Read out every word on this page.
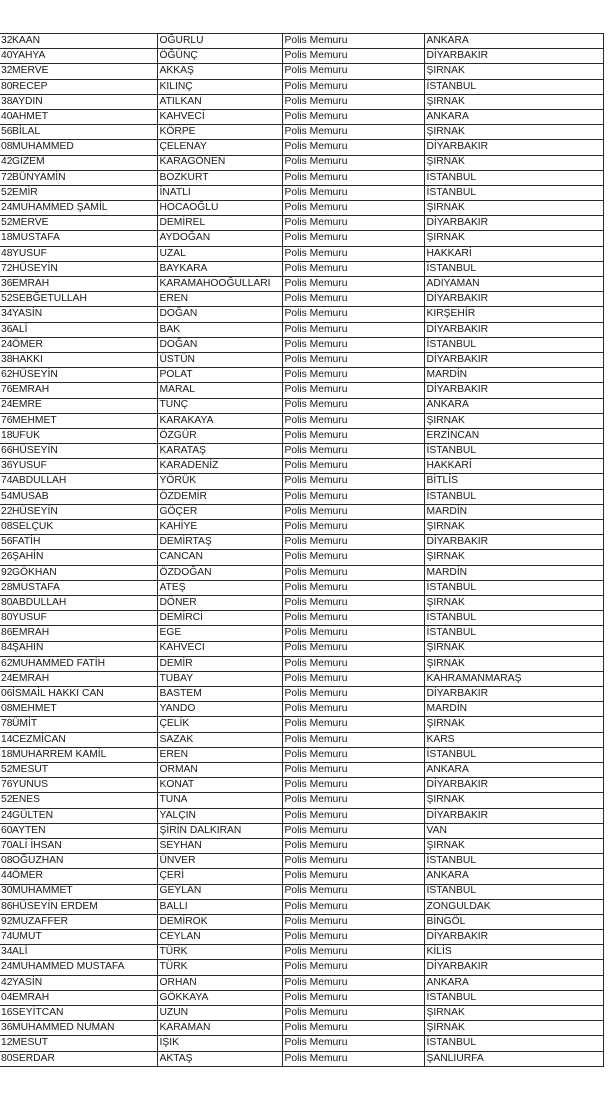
32KAAN	OĞURLU	Polis Memuru	ANKARA
40YAHYA	ÖĞÜNÇ	Polis Memuru	DİYARBAKIR
32MERVE	AKKAŞ	Polis Memuru	ŞIRNAK
80RECEP	KILINÇ	Polis Memuru	İSTANBUL
38AYDIN	ATILKAN	Polis Memuru	ŞIRNAK
40AHMET	KAHVECİ	Polis Memuru	ANKARA
56BİLAL	KÖRPE	Polis Memuru	ŞIRNAK
08MUHAMMED	ÇELENAY	Polis Memuru	DİYARBAKIR
42GİZEM	KARAGÖNEN	Polis Memuru	ŞIRNAK
72BÜNYAMİN	BOZKURT	Polis Memuru	İSTANBUL
52EMİR	İNATLI	Polis Memuru	İSTANBUL
24MUHAMMED ŞAMİL	HOCAOĞLU	Polis Memuru	ŞIRNAK
52MERVE	DEMİREL	Polis Memuru	DİYARBAKIR
18MUSTAFA	AYDOĞAN	Polis Memuru	ŞIRNAK
48YUSUF	UZAL	Polis Memuru	HAKKARİ
72HÜSEYİN	BAYKARA	Polis Memuru	İSTANBUL
36EMRAH	KARAMAHOOĞULLARI	Polis Memuru	ADIYAMAN
52SEBĞETULLAH	EREN	Polis Memuru	DİYARBAKIR
34YASİN	DOĞAN	Polis Memuru	KIRŞEHİR
36ALİ	BAK	Polis Memuru	DİYARBAKIR
24ÖMER	DOĞAN	Polis Memuru	İSTANBUL
38HAKKI	ÜSTÜN	Polis Memuru	DİYARBAKIR
62HÜSEYİN	POLAT	Polis Memuru	MARDİN
76EMRAH	MARAL	Polis Memuru	DİYARBAKIR
24EMRE	TUNÇ	Polis Memuru	ANKARA
76MEHMET	KARAKAYA	Polis Memuru	ŞIRNAK
18UFUK	ÖZGÜR	Polis Memuru	ERZİNCAN
66HÜSEYİN	KARATAŞ	Polis Memuru	İSTANBUL
36YUSUF	KARADENİZ	Polis Memuru	HAKKARİ
74ABDULLAH	YÖRÜK	Polis Memuru	BİTLİS
54MUSAB	ÖZDEMİR	Polis Memuru	İSTANBUL
22HÜSEYİN	GÖÇER	Polis Memuru	MARDİN
08SELÇUK	KAHİYE	Polis Memuru	ŞIRNAK
56FATİH	DEMİRTAŞ	Polis Memuru	DİYARBAKIR
26ŞAHİN	CANCAN	Polis Memuru	ŞIRNAK
92GÖKHAN	ÖZDOĞAN	Polis Memuru	MARDİN
28MUSTAFA	ATEŞ	Polis Memuru	İSTANBUL
80ABDULLAH	DÖNER	Polis Memuru	ŞIRNAK
80YUSUF	DEMİRCİ	Polis Memuru	İSTANBUL
86EMRAH	EGE	Polis Memuru	İSTANBUL
84ŞAHİN	KAHVECİ	Polis Memuru	ŞIRNAK
62MUHAMMED FATİH	DEMİR	Polis Memuru	ŞIRNAK
24EMRAH	TUBAY	Polis Memuru	KAHRAMANMARAŞ
06İSMAİL HAKKI CAN	BASTEM	Polis Memuru	DİYARBAKIR
08MEHMET	YANDO	Polis Memuru	MARDİN
78ÜMİT	ÇELİK	Polis Memuru	ŞIRNAK
14CEZMİCAN	SAZAK	Polis Memuru	KARS
18MUHARREM KAMİL	EREN	Polis Memuru	İSTANBUL
52MESUT	ORMAN	Polis Memuru	ANKARA
76YUNUS	KONAT	Polis Memuru	DİYARBAKIR
52ENES	TUNA	Polis Memuru	ŞIRNAK
24GÜLTEN	YALÇIN	Polis Memuru	DİYARBAKIR
60AYTEN	ŞİRİN DALKIRAN	Polis Memuru	VAN
70ALİ İHSAN	SEYHAN	Polis Memuru	ŞIRNAK
08OĞUZHAN	ÜNVER	Polis Memuru	İSTANBUL
44ÖMER	ÇERİ	Polis Memuru	ANKARA
30MUHAMMET	GEYLAN	Polis Memuru	İSTANBUL
86HÜSEYİN ERDEM	BALLI	Polis Memuru	ZONGULDAK
92MUZAFFER	DEMİROK	Polis Memuru	BİNGÖL
74UMUT	CEYLAN	Polis Memuru	DİYARBAKIR
34ALİ	TÜRK	Polis Memuru	KİLİS
24MUHAMMED MUSTAFA	TÜRK	Polis Memuru	DİYARBAKIR
42YASİN	ORHAN	Polis Memuru	ANKARA
04EMRAH	GÖKKAYA	Polis Memuru	İSTANBUL
16SEYİTCAN	UZUN	Polis Memuru	ŞIRNAK
36MUHAMMED NUMAN	KARAMAN	Polis Memuru	ŞIRNAK
12MESUT	IŞIK	Polis Memuru	İSTANBUL
80SERDAR	AKTAŞ	Polis Memuru	ŞANLIURFA
